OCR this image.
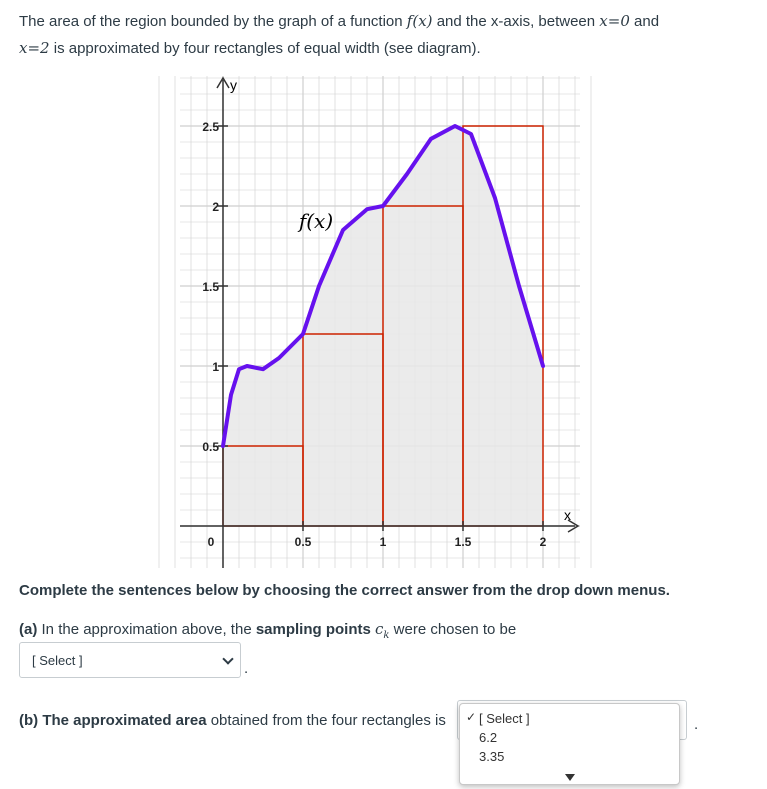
The area of the region bounded by the graph of a function f(x) and the x-axis, between x=0 and
x=2 is approximated by four rectangles of equal width (see diagram).
y
x
f(x)
0.5
1
1.5
2
2.5
0	0.5	1	1.5	2
Complete the sentences below by choosing the correct answer from the drop down menus.
(a) In the approximation above, the sampling points $c_k$ were chosen to be
[ Select ]	.
(b) The approximated area obtained from the four rectangles is	.
✓ [ Select ]
6.2
3.35
